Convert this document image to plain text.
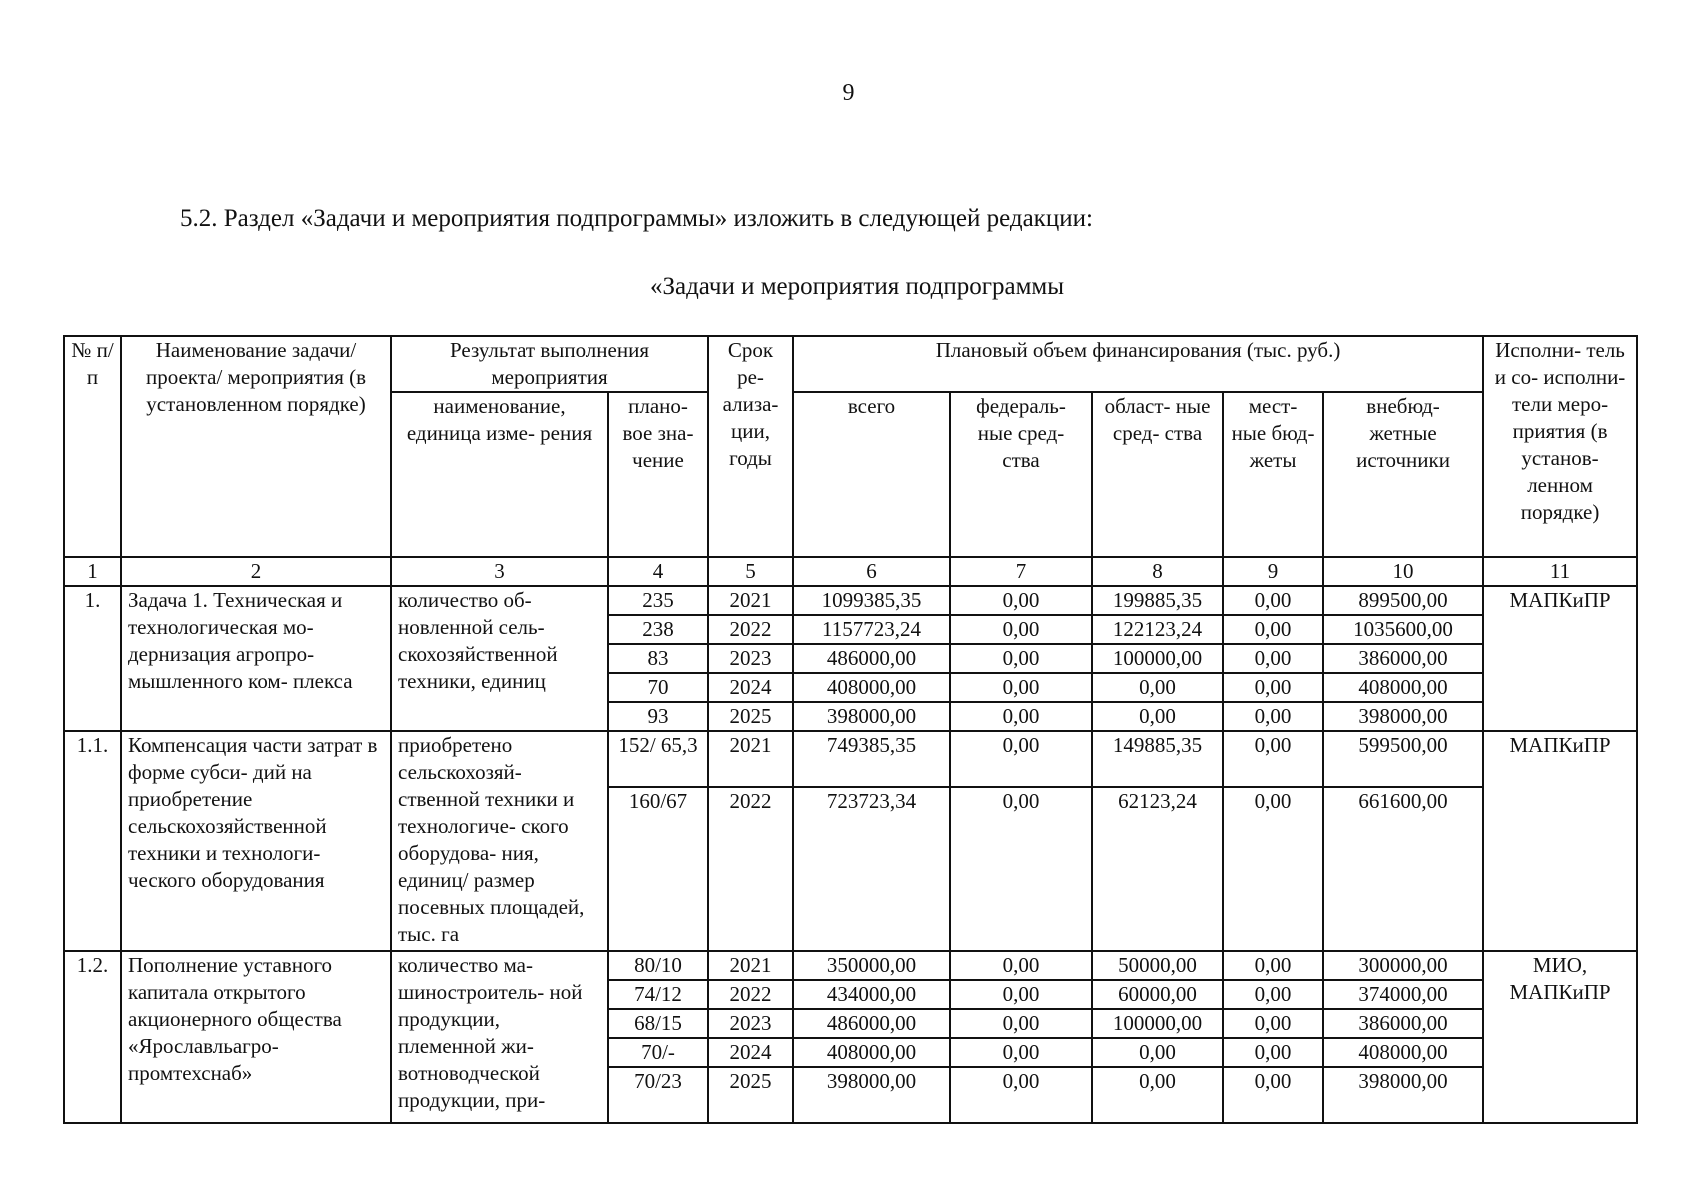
9
5.2. Раздел «Задачи и мероприятия подпрограммы» изложить в следующей редакции:
«Задачи и мероприятия подпрограммы
№ п/п	Наименование задачи/проекта/ мероприятия (в установленном порядке)	Результат выполнения мероприятия		Срок ре- ализа- ции, годы	Плановый объем финансирования (тыс. руб.)					Исполни- тель и со- исполни- тели меро- приятия (в установ- ленном порядке)
		наименование, единица изме- рения	плано- вое зна- чение		всего	федераль- ные сред- ства	област- ные сред- ства	мест- ные бюд- жеты	внебюд- жетные источники	
1	2	3	4	5	6	7	8	9	10	11
1.	Задача 1. Техническая и технологическая мо- дернизация агропро- мышленного ком- плекса	количество об- новленной сель- скохозяйственной техники, единиц	235	2021	1099385,35	0,00	199885,35	0,00	899500,00	МАПКиПР
			238	2022	1157723,24	0,00	122123,24	0,00	1035600,00	
			83	2023	486000,00	0,00	100000,00	0,00	386000,00	
			70	2024	408000,00	0,00	0,00	0,00	408000,00	
			93	2025	398000,00	0,00	0,00	0,00	398000,00	
1.1.	Компенсация части затрат в форме субси- дий на приобретение сельскохозяйственной техники и технологи- ческого оборудования	приобретено сельскохозяй- ственной техники и технологиче- ского оборудова- ния, единиц/ размер посевных площадей, тыс. га	152/ 65,3	2021	749385,35	0,00	149885,35	0,00	599500,00	МАПКиПР
			160/67	2022	723723,34	0,00	62123,24	0,00	661600,00	
1.2.	Пополнение уставного капитала открытого акционерного общества «Ярославльагро- промтехснаб»	количество ма- шиностроитель- ной продукции, племенной жи- вотноводческой продукции, при-	80/10	2021	350000,00	0,00	50000,00	0,00	300000,00	МИО, МАПКиПР
			74/12	2022	434000,00	0,00	60000,00	0,00	374000,00	
			68/15	2023	486000,00	0,00	100000,00	0,00	386000,00	
			70/-	2024	408000,00	0,00	0,00	0,00	408000,00	
			70/23	2025	398000,00	0,00	0,00	0,00	398000,00	
